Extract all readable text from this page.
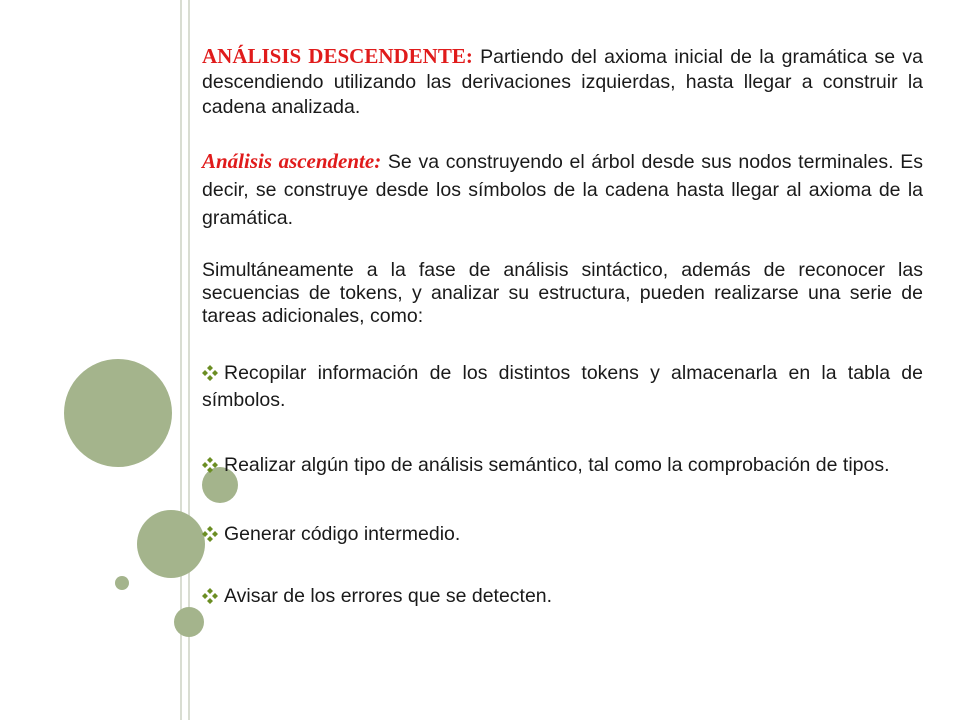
ANÁLISIS DESCENDENTE: Partiendo del axioma inicial de la gramática se va descendiendo utilizando las derivaciones izquierdas, hasta llegar a construir la cadena analizada.

Análisis ascendente: Se va construyendo el árbol desde sus nodos terminales. Es decir, se construye desde los símbolos de la cadena hasta llegar al axioma de la gramática.

Simultáneamente a la fase de análisis sintáctico, además de reconocer las secuencias de tokens, y analizar su estructura, pueden realizarse una serie de tareas adicionales, como:

Recopilar información de los distintos tokens y almacenarla en la tabla de símbolos.

Realizar algún tipo de análisis semántico, tal como la comprobación de tipos.

Generar código intermedio.

Avisar de los errores que se detecten.
